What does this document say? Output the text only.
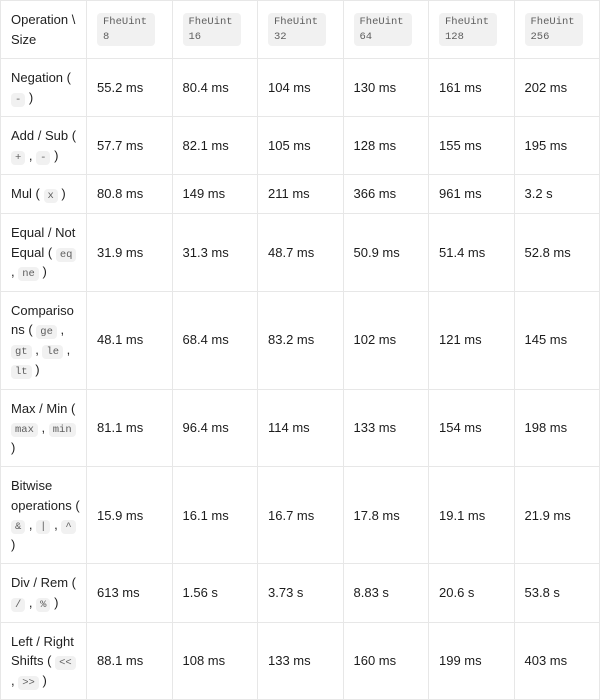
Operation \ Size	FheUint8	FheUint16	FheUint32	FheUint64	FheUint128	FheUint256
Negation ( - )	55.2 ms	80.4 ms	104 ms	130 ms	161 ms	202 ms
Add / Sub ( + , - )	57.7 ms	82.1 ms	105 ms	128 ms	155 ms	195 ms
Mul ( x )	80.8 ms	149 ms	211 ms	366 ms	961 ms	3.2 s
Equal / Not Equal ( eq , ne )	31.9 ms	31.3 ms	48.7 ms	50.9 ms	51.4 ms	52.8 ms
Comparisons ( ge , gt , le , lt )	48.1 ms	68.4 ms	83.2 ms	102 ms	121 ms	145 ms
Max / Min ( max , min )	81.1 ms	96.4 ms	114 ms	133 ms	154 ms	198 ms
Bitwise operations ( & , | , ^ )	15.9 ms	16.1 ms	16.7 ms	17.8 ms	19.1 ms	21.9 ms
Div / Rem ( / , % )	613 ms	1.56 s	3.73 s	8.83 s	20.6 s	53.8 s
Left / Right Shifts ( << , >> )	88.1 ms	108 ms	133 ms	160 ms	199 ms	403 ms
